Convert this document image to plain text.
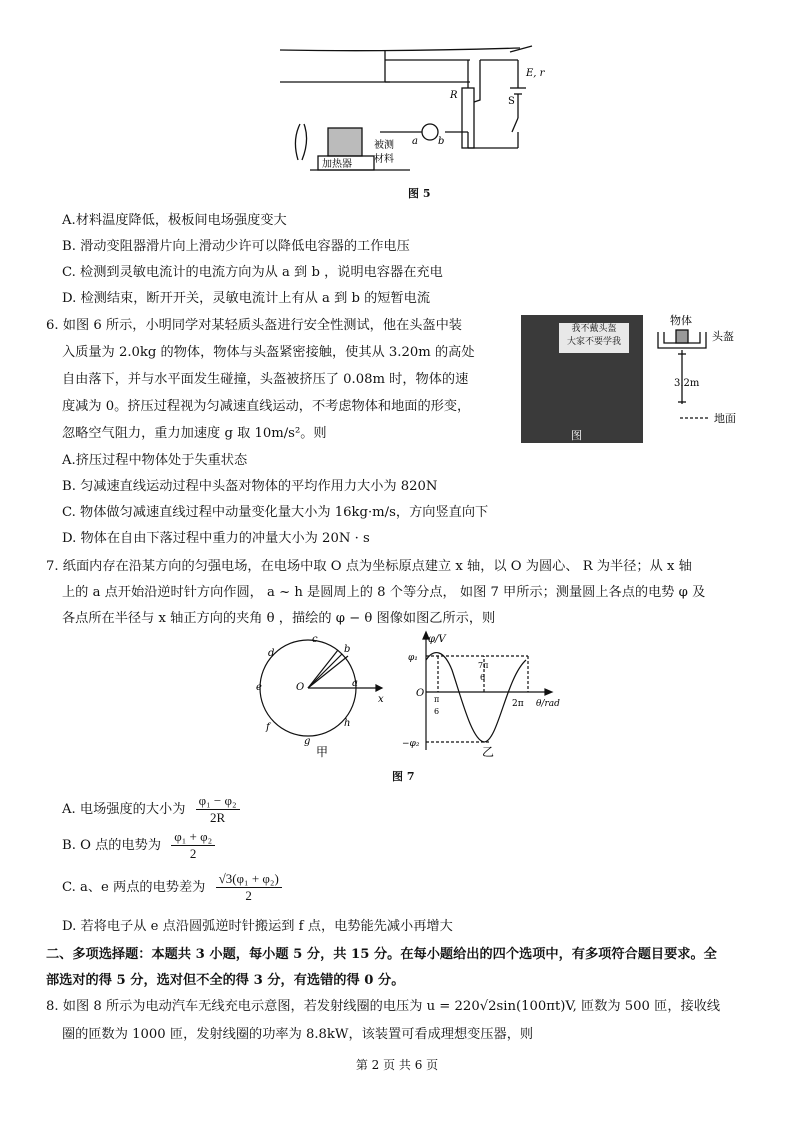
R
E, r
S
a b
加热器
被测
材料
图 5
A.材料温度降低，极板间电场强度变大
B. 滑动变阻器滑片向上滑动少许可以降低电容器的工作电压
C. 检测到灵敏电流计的电流方向为从 a 到 b ，说明电容器在充电
D. 检测结束，断开开关，灵敏电流计上有从 a 到 b 的短暂电流
6. 如图 6 所示，小明同学对某轻质头盔进行安全性测试，他在头盔中装
入质量为 2.0kg 的物体，物体与头盔紧密接触，使其从 3.20m 的高处
自由落下，并与水平面发生碰撞，头盔被挤压了 0.08m 时，物体的速
度减为 0。挤压过程视为匀减速直线运动，不考虑物体和地面的形变，
忽略空气阻力，重力加速度 g 取 10m/s²。则
我不戴头盔
大家不要学我
图
物体
头盔
3.2m
地面
A.挤压过程中物体处于失重状态
B. 匀减速直线运动过程中头盔对物体的平均作用力大小为 820N
C. 物体做匀减速直线过程中动量变化量大小为 16kg·m/s，方向竖直向下
D. 物体在自由下落过程中重力的冲量大小为 20N · s
7. 纸面内存在沿某方向的匀强电场，在电场中取 O 点为坐标原点建立 x 轴，以 O 为圆心、 R 为半径；从 x 轴
上的 a 点开始沿逆时针方向作圆， a ~ h 是圆周上的 8 个等分点， 如图 7 甲所示；测量圆上各点的电势 φ 及
各点所在半径与 x 轴正方向的夹角 θ ，描绘的 φ − θ 图像如图乙所示，则
c
b
a
d
e
f
g
h
O
x
甲
φ/V
φ₁
−φ₂
O
π
6
7π
6
2π θ/rad
乙
图 7
A. 电场强度的大小为 $\frac{\text{φ₁ − φ₂}}{2R}$
B. O 点的电势为 $\frac{\text{φ₁ + φ₂}}{2}$
C. a、e 两点的电势差为 $\frac{\text{√3(φ₁ + φ₂)}}{2}$
D. 若将电子从 e 点沿圆弧逆时针搬运到 f 点，电势能先减小再增大
二、多项选择题：本题共 3 小题，每小题 5 分，共 15 分。在每小题给出的四个选项中，有多项符合题目要求。全
部选对的得 5 分，选对但不全的得 3 分，有选错的得 0 分。
8. 如图 8 所示为电动汽车无线充电示意图，若发射线圈的电压为 u = 220√2sin(100πt)V, 匝数为 500 匝，接收线
圈的匝数为 1000 匝，发射线圈的功率为 8.8kW，该装置可看成理想变压器，则
第 2 页 共 6 页
